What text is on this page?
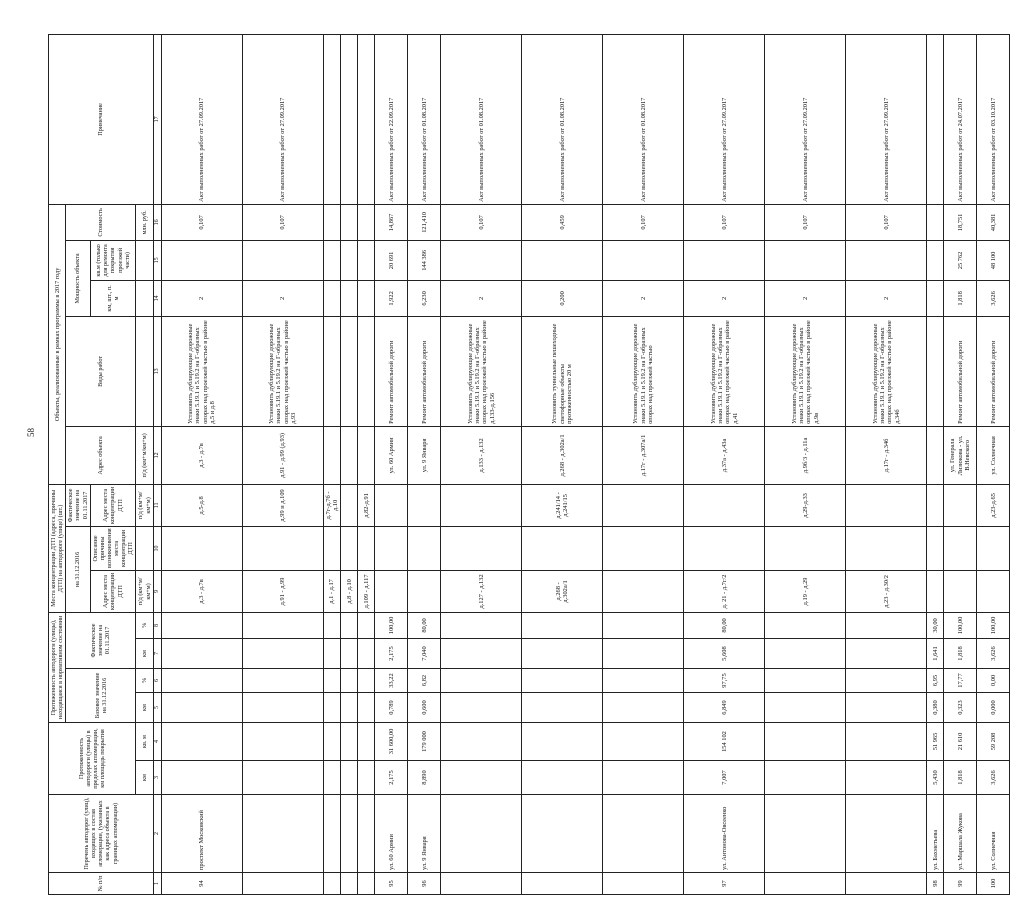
58
№ п/п	Перечень автодорог (улиц), входящих в состав агломерации, (указанных как адреса объекта в границах агломерации)	Протяженность автодороги (улицы) в пределах агломерации, км площадь покрытия		Протяженность автодороги (улицы), находящаяся в нормативном состоянии				Места концентрации ДТП (адреса, причины ДТП) на автодороге (улице) (шт.)			Объекты, реализованные в рамках программы в 2017 году					Примечание
				Базовое значение на 31.12.2016		Фактическое значение на 01.11.2017		на 31.12.2016		Фактическое значение на 01.11.2017	Адрес объекта	Виды работ	Мощность объекта		Стоимость	
								Адрес места концентрации ДТП	Описание причины возникновения места концентрации ДТП	Адрес места концентрации ДТП			км, шт., п. м	кв.м (только для ремонта покрытия проезжей части)		
		км	кв. м	км	%	км	%	п/д (км+м/км+м)		п/д (км+м/км+м)	п/д (км+м/км+м)				млн. руб.	
1	2	3	4	5	6	7	8	9	10	11	12	13	14	15	16	17
94	проспект Московский							д.3 - д.7в		д.5-д.8	д.3 - д.7в	Установить дублирующие дорожные знаки 5.19.1 и 5.19.2 на Г-образных опорах над проезжей частью в районе д.5 и д.8	2		0,107	Акт выполненных работ от 27.09.2017
								д.91 - д.99		д.99 и д.109	д.91 - д.99 (д.93)	Установить дублирующие дорожные знаки 5.19.1 и 5.19.2 на Г-образных опорах над проезжей частью в районе д.93	2		0,107	Акт выполненных работ от 27.09.2017
								д.1 - д.17		д.7г-д.7б - д.10						
								д.8 - д.10								
								д.109 - д.117		д.82-д.91						
95	ул. 60 Армии	2,175	31 600,00	0,789	33,22	2,175	100,00				ул. 60 Армии	Ремонт автомобильной дороги	1,922	20 691	14,867	Акт выполненных работ от 22.09.2017
96	ул. 9 Января	8,890	179 000	0,600	6,82	7,040	80,00				ул. 9 Января	Ремонт автомобильной дороги	6,230	144 386	121,410	Акт выполненных работ от 01.08.2017
								д.127 - д.132			д.133 - д.132	Установить дублирующие дорожные знаки 5.19.1 и 5.19.2 на Г-образных опорах над проезжей частью в районе д.133-д.156	2		0,107	Акт выполненных работ от 01.08.2017
								д.268 - д.302а/1		д.241/14 - д.241/15	д.268 - д.302а/1	Установить туннельные пешеходные светофорные объекты протяженностью 20 м	0,200		0,459	Акт выполненных работ от 01.08.2017
											д.17г - д.307а/1	Установить дублирующие дорожные знаки 5.19.1 и 5.19.2 на Г-образных опорах над проезжей частью	2		0,107	Акт выполненных работ от 01.08.2017
97	ул. Антонова-Овсеенко	7,007	154 102	6,849	97,75	5,608	80,00	д. 21 - д.7г/2			д.37а - д.43а	Установить дублирующие дорожные знаки 5.19.1 и 5.19.2 на Г-образных опорах над проезжей частью в районе д.41	2		0,107	Акт выполненных работ от 27.09.2017
								д.19 - д.29		д.29-д.33	д.9б/3 - д.11а	Установить дублирующие дорожные знаки 5.19.1 и 5.19.2 на Г-образных опорах над проезжей частью в районе д.9в	2		0,107	Акт выполненных работ от 27.09.2017
								д.23 - д.30/2			д.17г - д.34б	Установить дублирующие дорожные знаки 5.19.1 и 5.19.2 на Г-образных опорах над проезжей частью в районе д.34б	2		0,107	Акт выполненных работ от 27.09.2017
98	ул. Бахметьева	5,430	51 965	0,380	6,95	1,641	30,00									
99	ул. Маршала Жукова	1,818	21 610	0,323	17,77	1,818	100,00				ул. Генерала Лизюкова - ул. В.Невского	Ремонт автомобильной дороги	1,818	25 762	18,751	Акт выполненных работ от 24.07.2017
100	ул. Солнечная	3,626	59 208	0,000	0,00	3,626	100,00			д.23-д.65	ул. Солнечная	Ремонт автомобильной дороги	3,626	48 100	40,381	Акт выполненных работ от 03.10.2017
